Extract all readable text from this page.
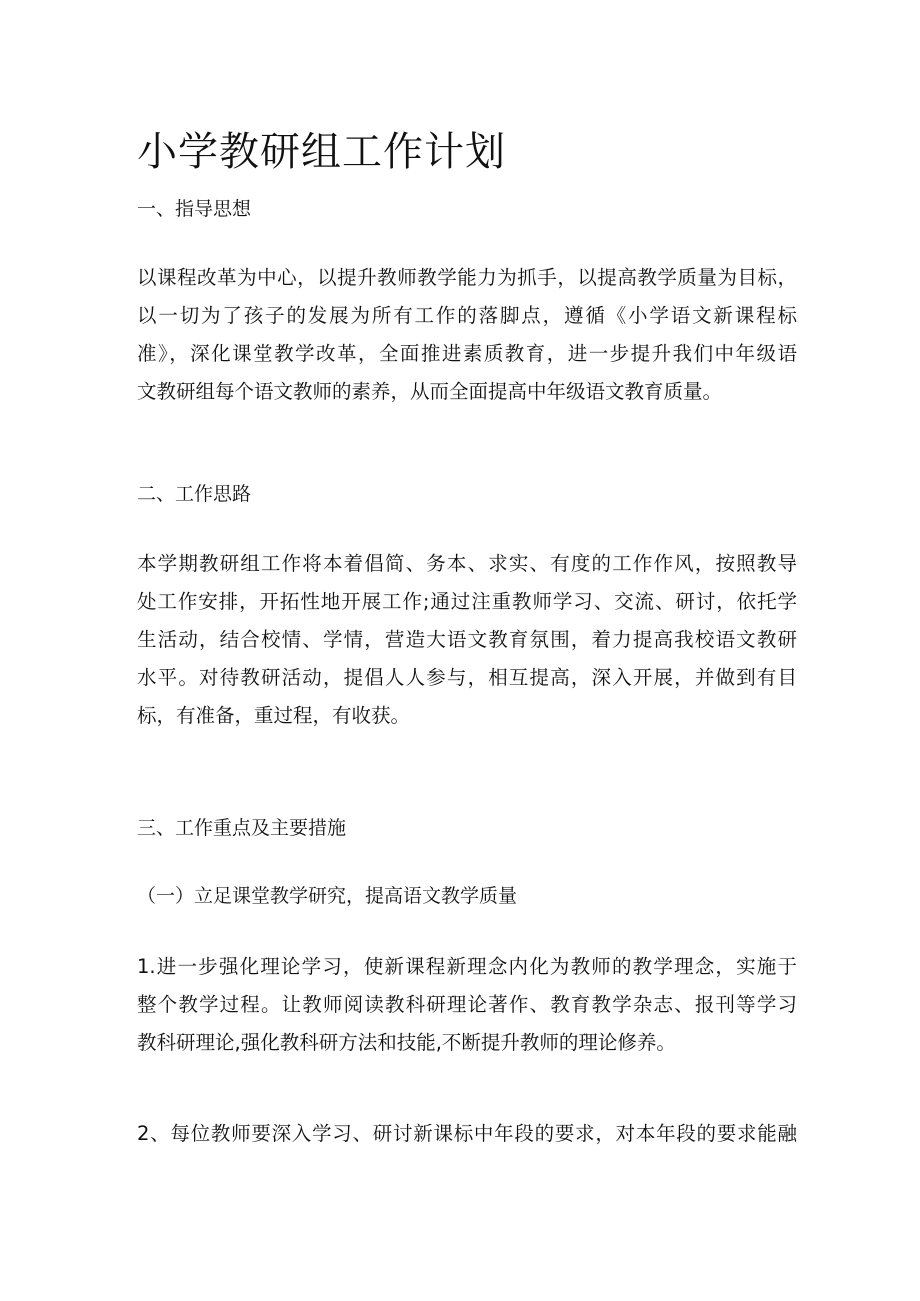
小学教研组工作计划
一、指导思想
以课程改革为中心，以提升教师教学能力为抓手，以提高教学质量为目标，
以一切为了孩子的发展为所有工作的落脚点，遵循《小学语文新课程标
准》，深化课堂教学改革，全面推进素质教育，进一步提升我们中年级语
文教研组每个语文教师的素养，从而全面提高中年级语文教育质量。
二、工作思路
本学期教研组工作将本着倡简、务本、求实、有度的工作作风，按照教导
处工作安排，开拓性地开展工作;通过注重教师学习、交流、研讨，依托学
生活动，结合校情、学情，营造大语文教育氛围，着力提高我校语文教研
水平。对待教研活动，提倡人人参与，相互提高，深入开展，并做到有目
标，有准备，重过程，有收获。
三、工作重点及主要措施
（一）立足课堂教学研究，提高语文教学质量
1.进一步强化理论学习，使新课程新理念内化为教师的教学理念，实施于
整个教学过程。让教师阅读教科研理论著作、教育教学杂志、报刊等学习
教科研理论,强化教科研方法和技能,不断提升教师的理论修养。
2、每位教师要深入学习、研讨新课标中年段的要求，对本年段的要求能融
